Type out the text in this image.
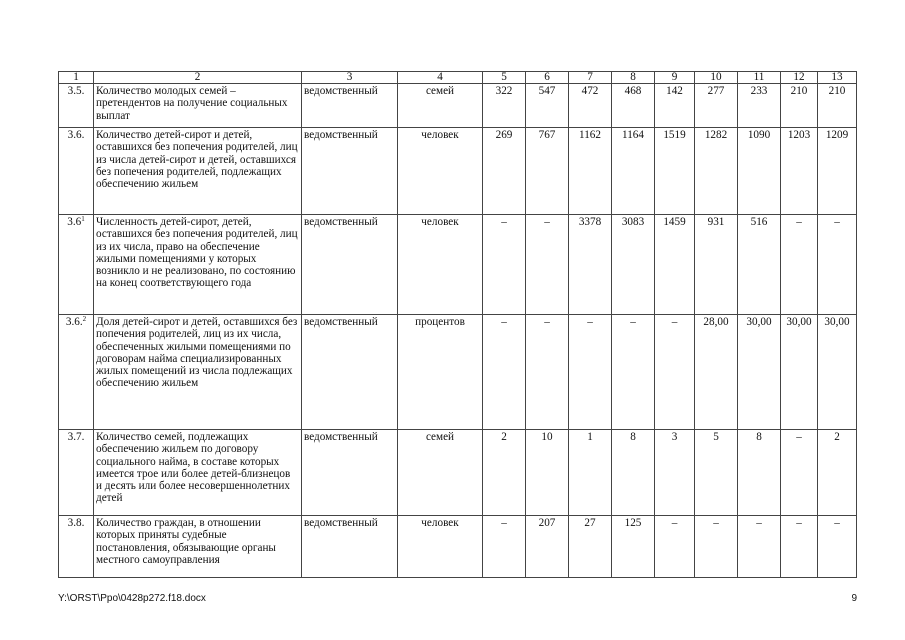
1	2	3	4	5	6	7	8	9	10	11	12	13
3.5.	Количество молодых семей – претендентов на получение социальных выплат	ведомственный	семей	322	547	472	468	142	277	233	210	210
3.6.	Количество детей-сирот и детей, оставшихся без попечения родителей, лиц из числа детей-сирот и детей, оставшихся без попечения родителей, подлежащих обеспечению жильем	ведомственный	человек	269	767	1162	1164	1519	1282	1090	1203	1209
$3.6^1$	Численность детей-сирот, детей, оставшихся без попечения родителей, лиц из их числа, право на обеспечение жилыми помещениями у которых возникло и не реализовано, по состоянию на конец соответствующего года	ведомственный	человек	–	–	3378	3083	1459	931	516	–	–
3.6.$^2$	Доля детей-сирот и детей, оставшихся без попечения родителей, лиц из их числа, обеспеченных жилыми помещениями по договорам найма специализированных жилых помещений из числа подлежащих обеспечению жильем	ведомственный	процентов	–	–	–	–	–	28,00	30,00	30,00	30,00
3.7.	Количество семей, подлежащих обеспечению жильем по договору социального найма, в составе которых имеется трое или более детей-близнецов и десять или более несовершеннолетних детей	ведомственный	семей	2	10	1	8	3	5	8	–	2
3.8.	Количество граждан, в отношении которых приняты судебные постановления, обязывающие органы местного самоуправления	ведомственный	человек	–	207	27	125	–	–	–	–	–
Y:\ORST\Ppo\0428p272.f18.docx	9
